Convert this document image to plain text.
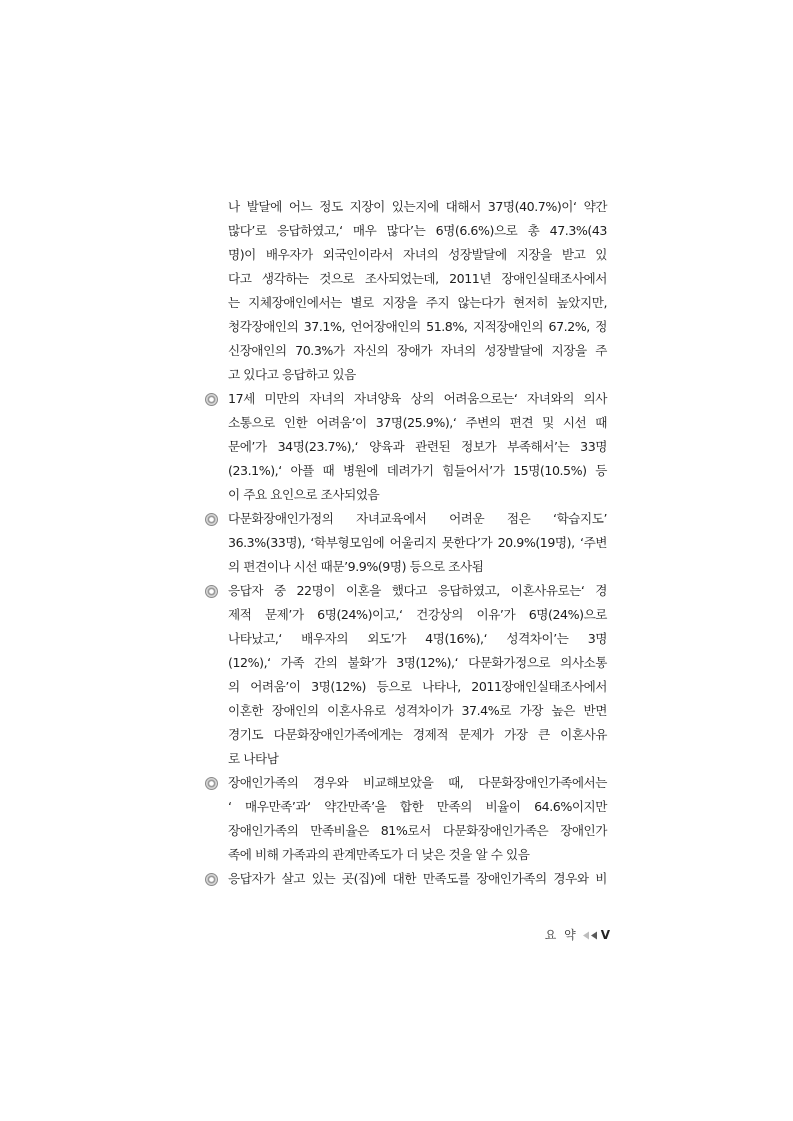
나 발달에 어느 정도 지장이 있는지에 대해서 37명(40.7%)이‘ 약간
많다’로 응답하였고,‘ 매우 많다’는 6명(6.6%)으로 총 47.3%(43
명)이 배우자가 외국인이라서 자녀의 성장발달에 지장을 받고 있
다고 생각하는 것으로 조사되었는데, 2011년 장애인실태조사에서
는 지체장애인에서는 별로 지장을 주지 않는다가 현저히 높았지만,
청각장애인의 37.1%, 언어장애인의 51.8%, 지적장애인의 67.2%, 정
신장애인의 70.3%가 자신의 장애가 자녀의 성장발달에 지장을 주
고 있다고 응답하고 있음
17세 미만의 자녀의 자녀양육 상의 어려움으로는‘ 자녀와의 의사
소통으로 인한 어려움’이 37명(25.9%),‘ 주변의 편견 및 시선 때
문에’가 34명(23.7%),‘ 양육과 관련된 정보가 부족해서’는 33명
(23.1%),‘ 아플 때 병원에 데려가기 힘들어서’가 15명(10.5%) 등
이 주요 요인으로 조사되었음
다문화장애인가정의 자녀교육에서 어려운 점은 ‘학습지도’
36.3%(33명), ‘학부형모임에 어울리지 못한다’가 20.9%(19명), ‘주변
의 편견이나 시선 때문’9.9%(9명) 등으로 조사됨
응답자 중 22명이 이혼을 했다고 응답하였고, 이혼사유로는‘ 경
제적 문제’가 6명(24%)이고,‘ 건강상의 이유’가 6명(24%)으로
나타났고,‘ 배우자의 외도’가 4명(16%),‘ 성격차이’는 3명
(12%),‘ 가족 간의 불화’가 3명(12%),‘ 다문화가정으로 의사소통
의 어려움’이 3명(12%) 등으로 나타나, 2011장애인실태조사에서
이혼한 장애인의 이혼사유로 성격차이가 37.4%로 가장 높은 반면
경기도 다문화장애인가족에게는 경제적 문제가 가장 큰 이혼사유
로 나타남
장애인가족의 경우와 비교해보았을 때, 다문화장애인가족에서는
‘ 매우만족’과‘ 약간만족’을 합한 만족의 비율이 64.6%이지만
장애인가족의 만족비율은 81%로서 다문화장애인가족은 장애인가
족에 비해 가족과의 관계만족도가 더 낮은 것을 알 수 있음
응답자가 살고 있는 곳(집)에 대한 만족도를 장애인가족의 경우와 비
요 약 V
